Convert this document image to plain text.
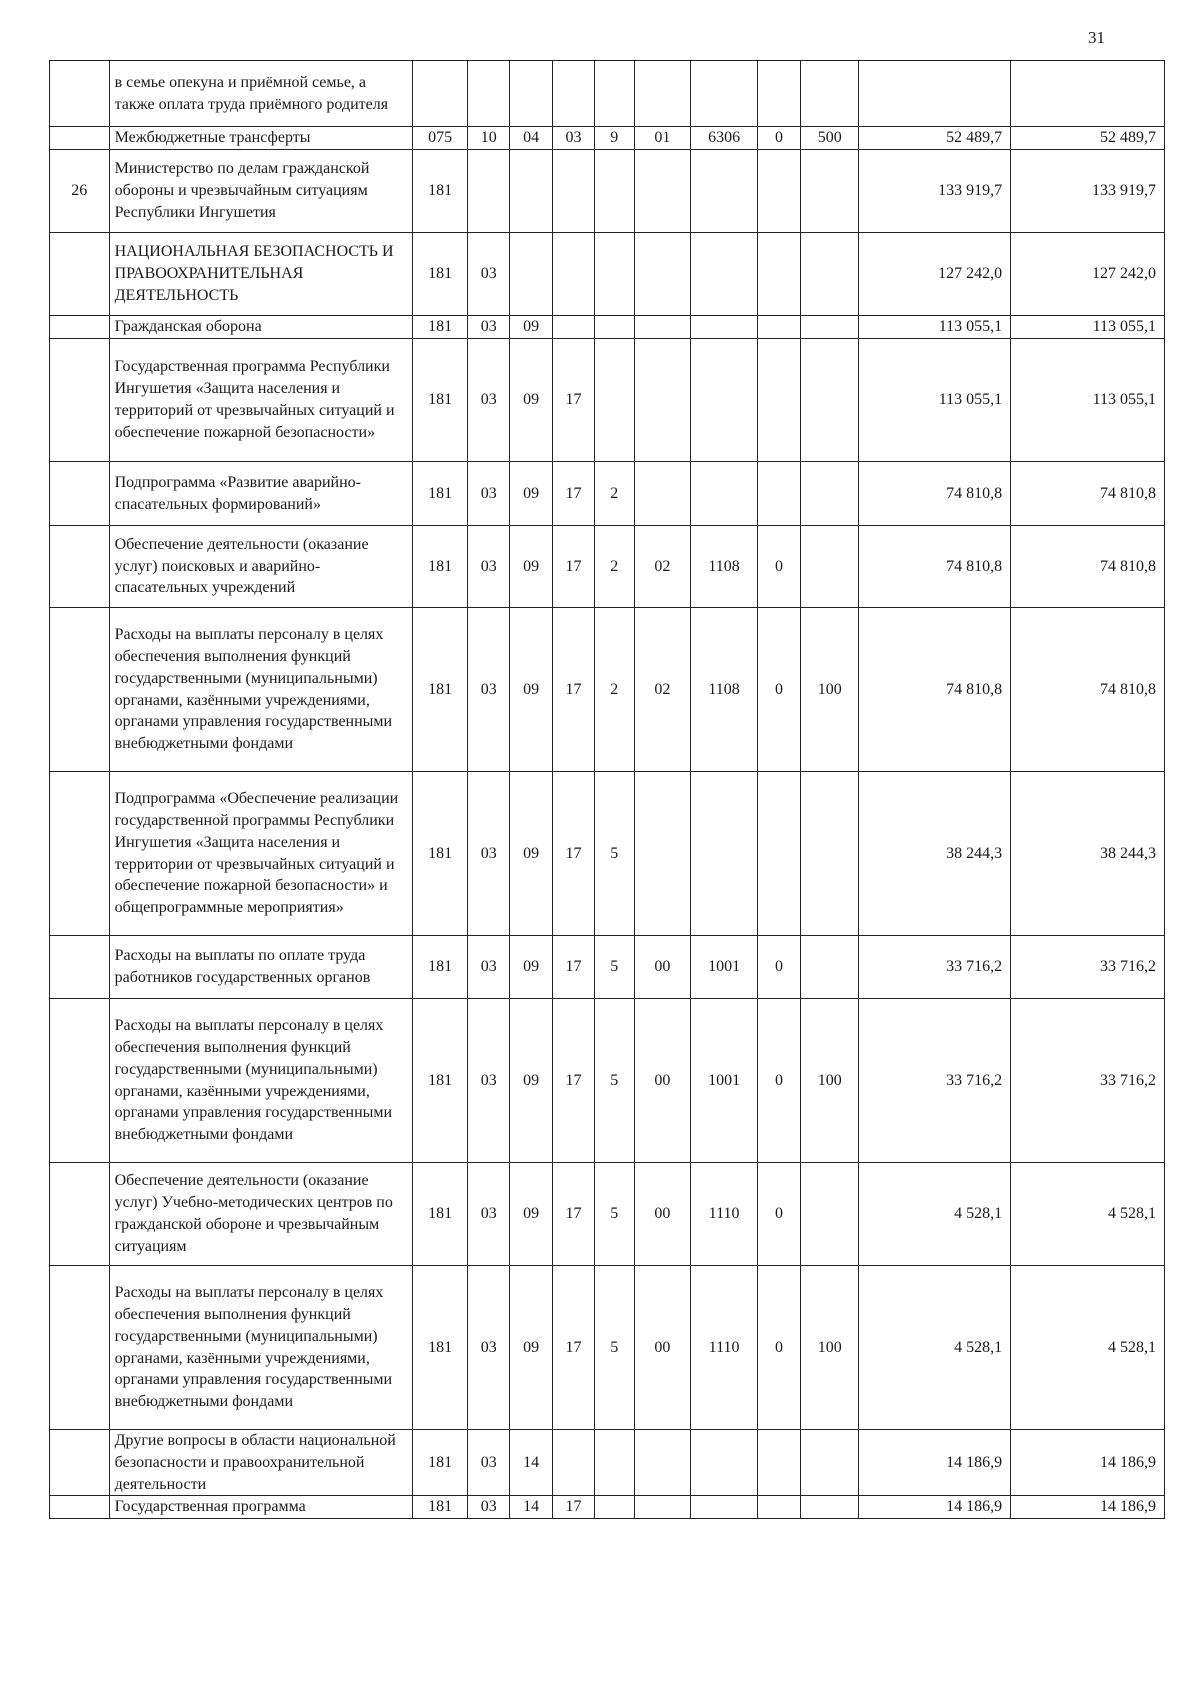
31
	в семье опекуна и приёмной семье, а также оплата труда приёмного родителя											
	Межбюджетные трансферты	075	10	04	03	9	01	6306	0	500	52 489,7	52 489,7
26	Министерство по делам гражданской обороны и чрезвычайным ситуациям Республики Ингушетия	181									133 919,7	133 919,7
	НАЦИОНАЛЬНАЯ БЕЗОПАСНОСТЬ И ПРАВООХРАНИТЕЛЬНАЯ ДЕЯТЕЛЬНОСТЬ	181	03								127 242,0	127 242,0
	Гражданская оборона	181	03	09							113 055,1	113 055,1
	Государственная программа Республики Ингушетия «Защита населения и территорий от чрезвычайных ситуаций и обеспечение пожарной безопасности»	181	03	09	17						113 055,1	113 055,1
	Подпрограмма «Развитие аварийно-спасательных формирований»	181	03	09	17	2					74 810,8	74 810,8
	Обеспечение деятельности (оказание услуг) поисковых и аварийно-спасательных учреждений	181	03	09	17	2	02	1108	0		74 810,8	74 810,8
	Расходы на выплаты персоналу в целях обеспечения выполнения функций государственными (муниципальными) органами, казёнными учреждениями, органами управления государственными внебюджетными фондами	181	03	09	17	2	02	1108	0	100	74 810,8	74 810,8
	Подпрограмма «Обеспечение реализации государственной программы Республики Ингушетия «Защита населения и территории от чрезвычайных ситуаций и обеспечение пожарной безопасности» и общепрограммные мероприятия»	181	03	09	17	5					38 244,3	38 244,3
	Расходы на выплаты по оплате труда работников государственных органов	181	03	09	17	5	00	1001	0		33 716,2	33 716,2
	Расходы на выплаты персоналу в целях обеспечения выполнения функций государственными (муниципальными) органами, казёнными учреждениями, органами управления государственными внебюджетными фондами	181	03	09	17	5	00	1001	0	100	33 716,2	33 716,2
	Обеспечение деятельности (оказание услуг) Учебно-методических центров по гражданской обороне и чрезвычайным ситуациям	181	03	09	17	5	00	1110	0		4 528,1	4 528,1
	Расходы на выплаты персоналу в целях обеспечения выполнения функций государственными (муниципальными) органами, казёнными учреждениями, органами управления государственными внебюджетными фондами	181	03	09	17	5	00	1110	0	100	4 528,1	4 528,1
	Другие вопросы в области национальной безопасности и правоохранительной деятельности	181	03	14							14 186,9	14 186,9
	Государственная программа	181	03	14	17						14 186,9	14 186,9
